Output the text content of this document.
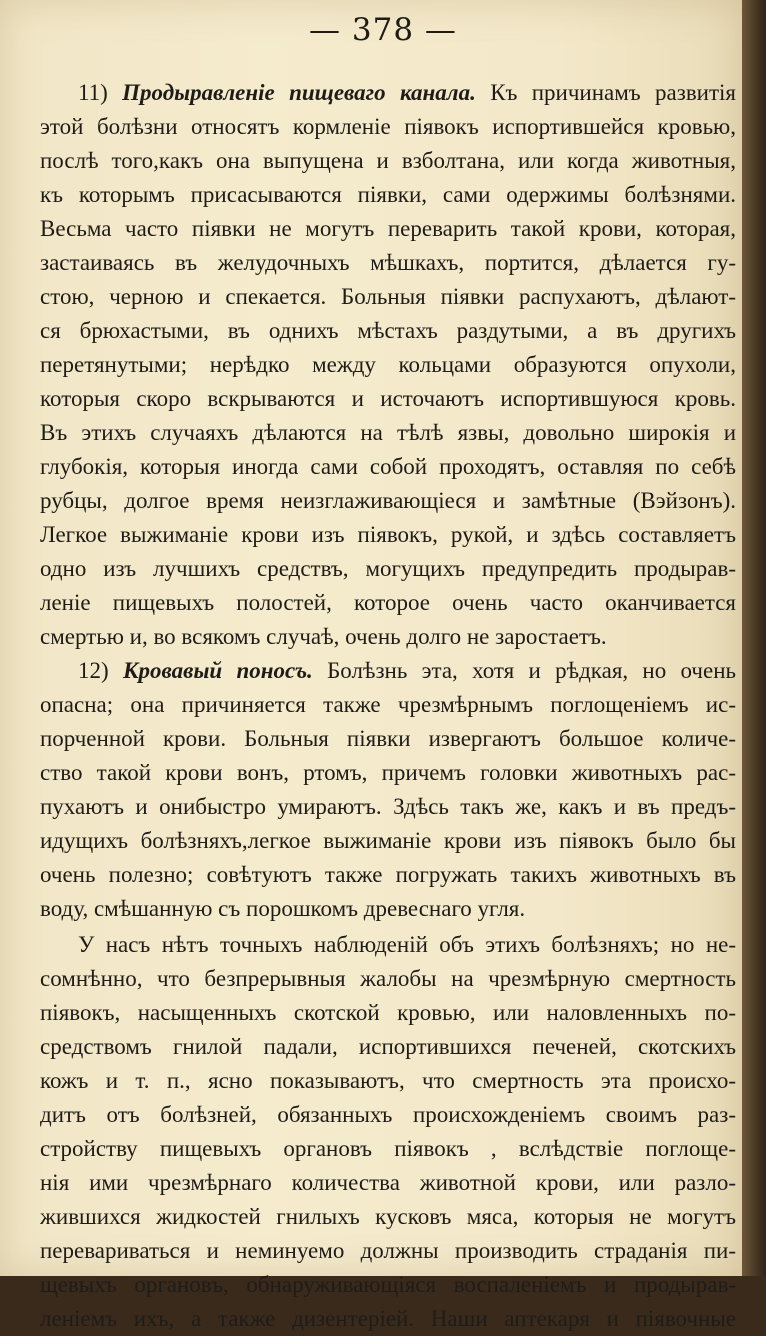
— 378 —
11) Продыравленіе пищеваго канала. Къ причинамъ развитія
этой болѣзни относятъ кормленіе піявокъ испортившейся кровью,
послѣ того,какъ она выпущена и взболтана, или когда животныя,
къ которымъ присасываются піявки, сами одержимы болѣзнями.
Весьма часто піявки не могутъ переварить такой крови, которая,
застаиваясь въ желудочныхъ мѣшкахъ, портится, дѣлается гу-
стою, черною и спекается. Больныя піявки распухаютъ, дѣлают-
ся брюхастыми, въ однихъ мѣстахъ раздутыми, а въ другихъ
перетянутыми; нерѣдко между кольцами образуются опухоли,
которыя скоро вскрываются и источаютъ испортившуюся кровь.
Въ этихъ случаяхъ дѣлаются на тѣлѣ язвы, довольно широкія и
глубокія, которыя иногда сами собой проходятъ, оставляя по себѣ
рубцы, долгое время неизглаживающіеся и замѣтные (Вэйзонъ).
Легкое выжиманіе крови изъ піявокъ, рукой, и здѣсь составляетъ
одно изъ лучшихъ средствъ, могущихъ предупредить продырав-
леніе пищевыхъ полостей, которое очень часто оканчивается
смертью и, во всякомъ случаѣ, очень долго не заростаетъ.
12) Кровавый поносъ. Болѣзнь эта, хотя и рѣдкая, но очень
опасна; она причиняется также чрезмѣрнымъ поглощеніемъ ис-
порченной крови. Больныя піявки извергаютъ большое количе-
ство такой крови вонъ, ртомъ, причемъ головки животныхъ рас-
пухаютъ и онибыстро умираютъ. Здѣсь такъ же, какъ и въ предъ-
идущихъ болѣзняхъ,легкое выжиманіе крови изъ піявокъ было бы
очень полезно; совѣтуютъ также погружать такихъ животныхъ въ
воду, смѣшанную съ порошкомъ древеснаго угля.
У насъ нѣтъ точныхъ наблюденій объ этихъ болѣзняхъ; но не-
сомнѣнно, что безпрерывныя жалобы на чрезмѣрную смертность
піявокъ, насыщенныхъ скотской кровью, или наловленныхъ по-
средствомъ гнилой падали, испортившихся печеней, скотскихъ
кожъ и т. п., ясно показываютъ, что смертность эта происхо-
дитъ отъ болѣзней, обязанныхъ происхожденіемъ своимъ раз-
стройству пищевыхъ органовъ піявокъ , вслѣдствіе поглоще-
нія ими чрезмѣрнаго количества животной крови, или разло-
жившихся жидкостей гнилыхъ кусковъ мяса, которыя не могутъ
перевариваться и неминуемо должны производить страданія пи-
щевыхъ органовъ, обнаруживающіяся воспаленіемъ и продырав-
леніемъ ихъ, а также дизентеріей. Наши аптекаря и піявочные
